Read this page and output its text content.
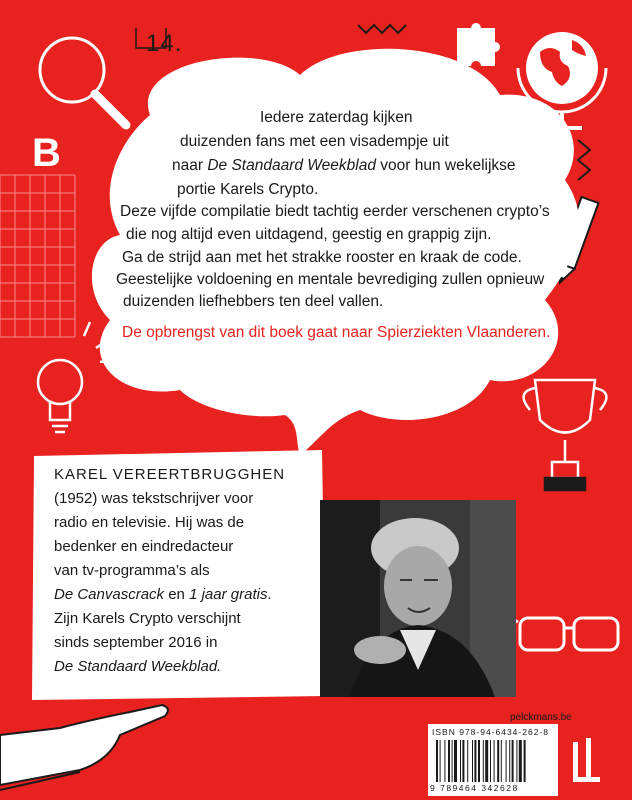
B
14.
Iedere zaterdag kijken
duizenden fans met een visadempje uit
naar De Standaard Weekblad voor hun wekelijkse
portie Karels Crypto.
Deze vijfde compilatie biedt tachtig eerder verschenen crypto’s
die nog altijd even uitdagend, geestig en grappig zijn.
Ga de strijd aan met het strakke rooster en kraak de code.
Geestelijke voldoening en mentale bevrediging zullen opnieuw
duizenden liefhebbers ten deel vallen.
De opbrengst van dit boek gaat naar Spierziekten Vlaanderen.
KAREL VEREERTBRUGGHEN
(1952) was tekstschrijver voor
radio en televisie. Hij was de
bedenker en eindredacteur
van tv-programma’s als
De Canvascrack en 1 jaar gratis.
Zijn Karels Crypto verschijnt
sinds september 2016 in
De Standaard Weekblad.
pelckmans.be
ISBN 978-94-6434-262-8
9 789464 342628
